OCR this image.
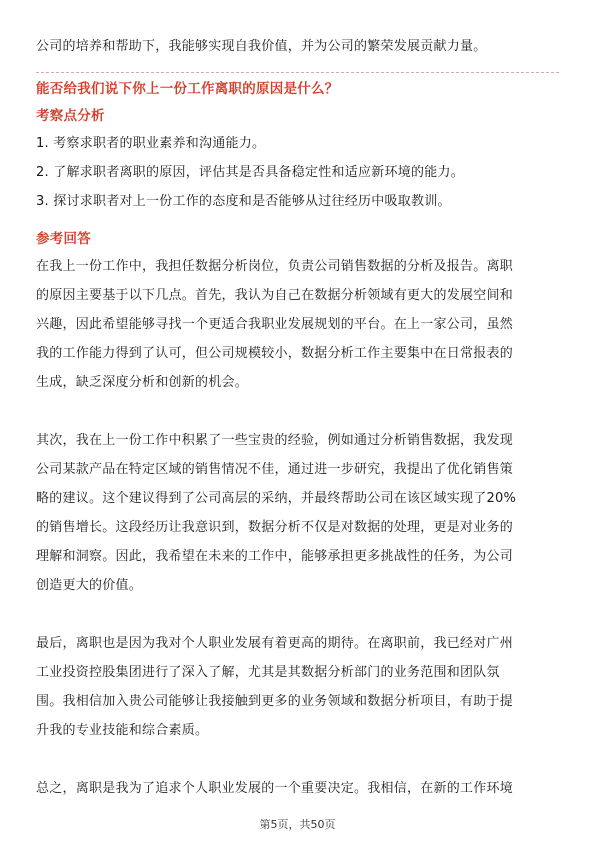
公司的培养和帮助下，我能够实现自我价值，并为公司的繁荣发展贡献力量。
能否给我们说下你上一份工作离职的原因是什么？
考察点分析
1. 考察求职者的职业素养和沟通能力。
2. 了解求职者离职的原因，评估其是否具备稳定性和适应新环境的能力。
3. 探讨求职者对上一份工作的态度和是否能够从过往经历中吸取教训。
参考回答
在我上一份工作中，我担任数据分析岗位，负责公司销售数据的分析及报告。离职
的原因主要基于以下几点。首先，我认为自己在数据分析领域有更大的发展空间和
兴趣，因此希望能够寻找一个更适合我职业发展规划的平台。在上一家公司，虽然
我的工作能力得到了认可，但公司规模较小，数据分析工作主要集中在日常报表的
生成，缺乏深度分析和创新的机会。
其次，我在上一份工作中积累了一些宝贵的经验，例如通过分析销售数据，我发现
公司某款产品在特定区域的销售情况不佳，通过进一步研究，我提出了优化销售策
略的建议。这个建议得到了公司高层的采纳，并最终帮助公司在该区域实现了20%
的销售增长。这段经历让我意识到，数据分析不仅是对数据的处理，更是对业务的
理解和洞察。因此，我希望在未来的工作中，能够承担更多挑战性的任务，为公司
创造更大的价值。
最后，离职也是因为我对个人职业发展有着更高的期待。在离职前，我已经对广州
工业投资控股集团进行了深入了解，尤其是其数据分析部门的业务范围和团队氛
围。我相信加入贵公司能够让我接触到更多的业务领域和数据分析项目，有助于提
升我的专业技能和综合素质。
总之，离职是我为了追求个人职业发展的一个重要决定。我相信，在新的工作环境
第5页，共50页
